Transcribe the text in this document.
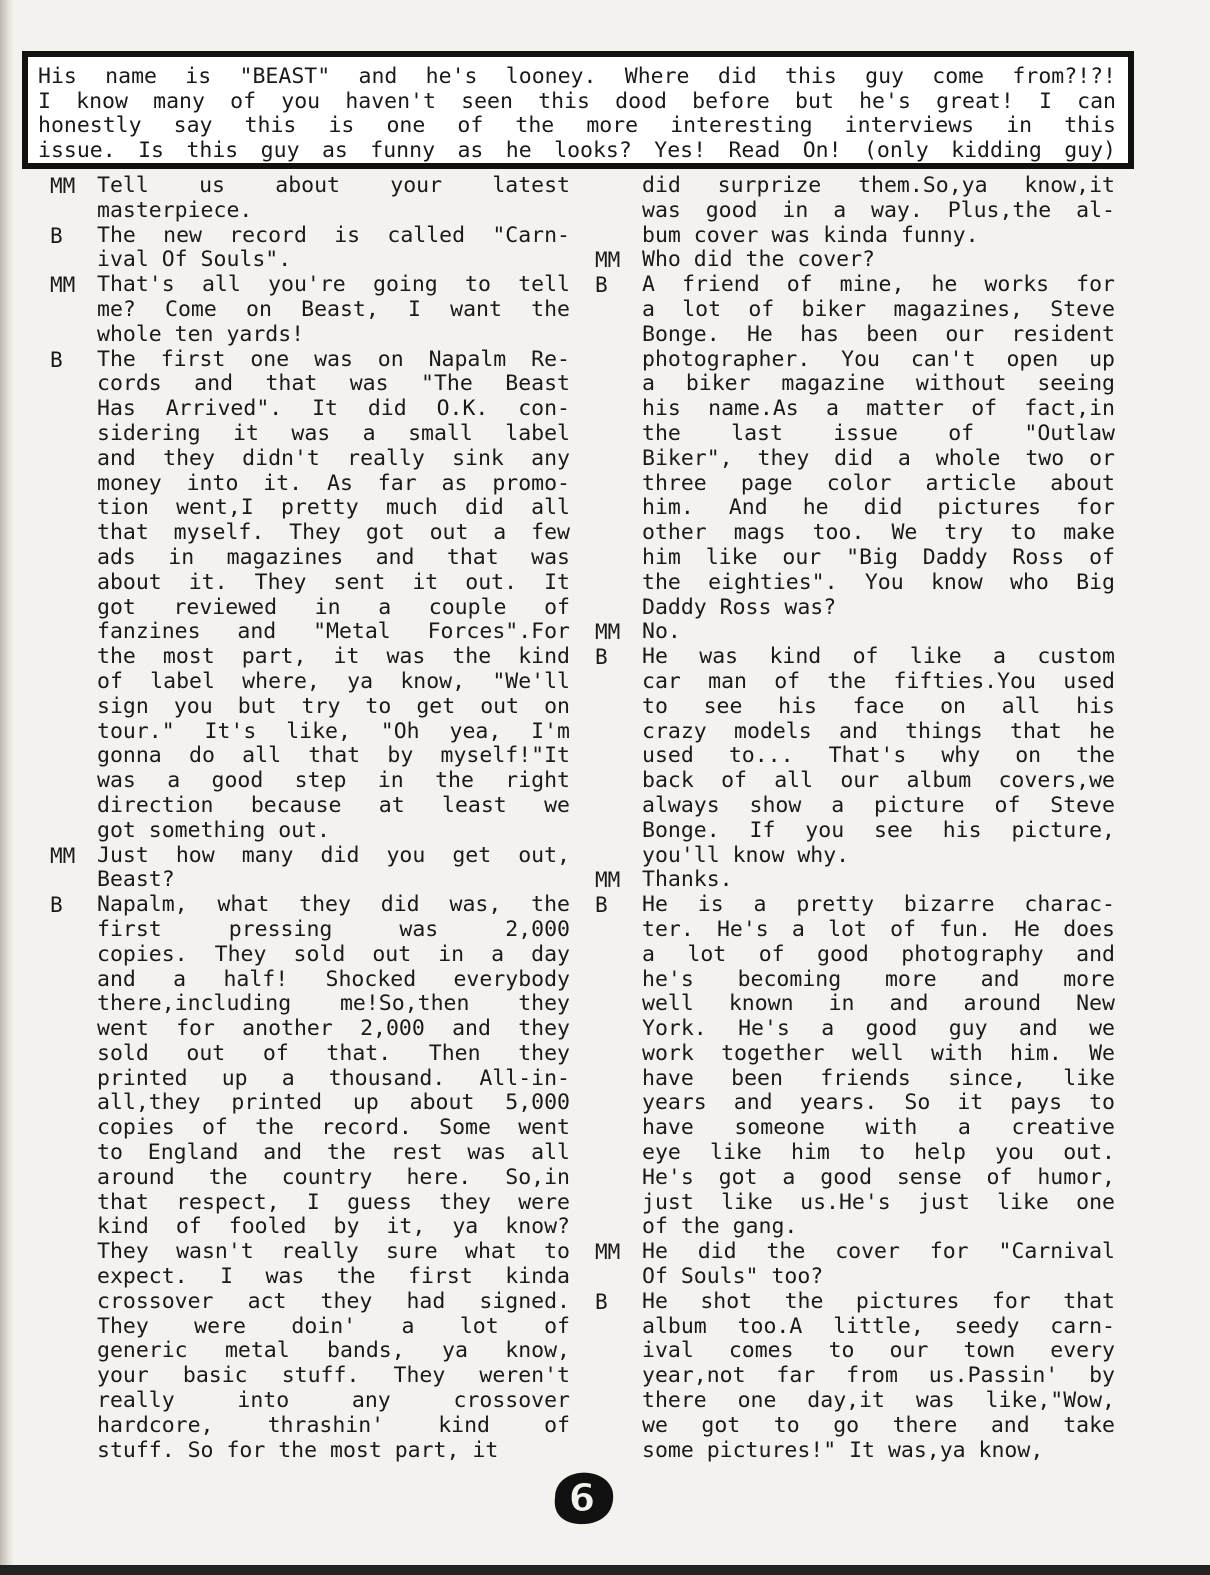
His name is "BEAST" and he's looney. Where did this guy come from?!?!
I know many of you haven't seen this dood before but he's great! I can
honestly say this is one of the more interesting interviews in this
issue. Is this guy as funny as he looks? Yes! Read On! (only kidding guy)
MM	Tell us about your latest
masterpiece.
B	The new record is called "Carn-
ival Of Souls".
MM	That's all you're going to tell
me? Come on Beast, I want the
whole ten yards!
B	The first one was on Napalm Re-
cords and that was "The Beast
Has Arrived". It did O.K. con-
sidering it was a small label
and they didn't really sink any
money into it. As far as promo-
tion went,I pretty much did all
that myself. They got out a few
ads in magazines and that was
about it. They sent it out. It
got reviewed in a couple of
fanzines and "Metal Forces".For
the most part, it was the kind
of label where, ya know, "We'll
sign you but try to get out on
tour." It's like, "Oh yea, I'm
gonna do all that by myself!"It
was a good step in the right
direction because at least we
got something out.
MM	Just how many did you get out,
Beast?
B	Napalm, what they did was, the
first pressing was 2,000
copies. They sold out in a day
and a half! Shocked everybody
there,including me!So,then they
went for another 2,000 and they
sold out of that. Then they
printed up a thousand. All-in-
all,they printed up about 5,000
copies of the record. Some went
to England and the rest was all
around the country here. So,in
that respect, I guess they were
kind of fooled by it, ya know?
They wasn't really sure what to
expect. I was the first kinda
crossover act they had signed.
They were doin' a lot of
generic metal bands, ya know,
your basic stuff. They weren't
really into any crossover
hardcore, thrashin' kind of
stuff. So for the most part, it
did surprize them.So,ya know,it
was good in a way. Plus,the al-
bum cover was kinda funny.
MM	Who did the cover?
B	A friend of mine, he works for
a lot of biker magazines, Steve
Bonge. He has been our resident
photographer. You can't open up
a biker magazine without seeing
his name.As a matter of fact,in
the last issue of "Outlaw
Biker", they did a whole two or
three page color article about
him. And he did pictures for
other mags too. We try to make
him like our "Big Daddy Ross of
the eighties". You know who Big
Daddy Ross was?
MM	No.
B	He was kind of like a custom
car man of the fifties.You used
to see his face on all his
crazy models and things that he
used to... That's why on the
back of all our album covers,we
always show a picture of Steve
Bonge. If you see his picture,
you'll know why.
MM	Thanks.
B	He is a pretty bizarre charac-
ter. He's a lot of fun. He does
a lot of good photography and
he's becoming more and more
well known in and around New
York. He's a good guy and we
work together well with him. We
have been friends since, like
years and years. So it pays to
have someone with a creative
eye like him to help you out.
He's got a good sense of humor,
just like us.He's just like one
of the gang.
MM	He did the cover for "Carnival
Of Souls" too?
B	He shot the pictures for that
album too.A little, seedy carn-
ival comes to our town every
year,not far from us.Passin' by
there one day,it was like,"Wow,
we got to go there and take
some pictures!" It was,ya know,
6
